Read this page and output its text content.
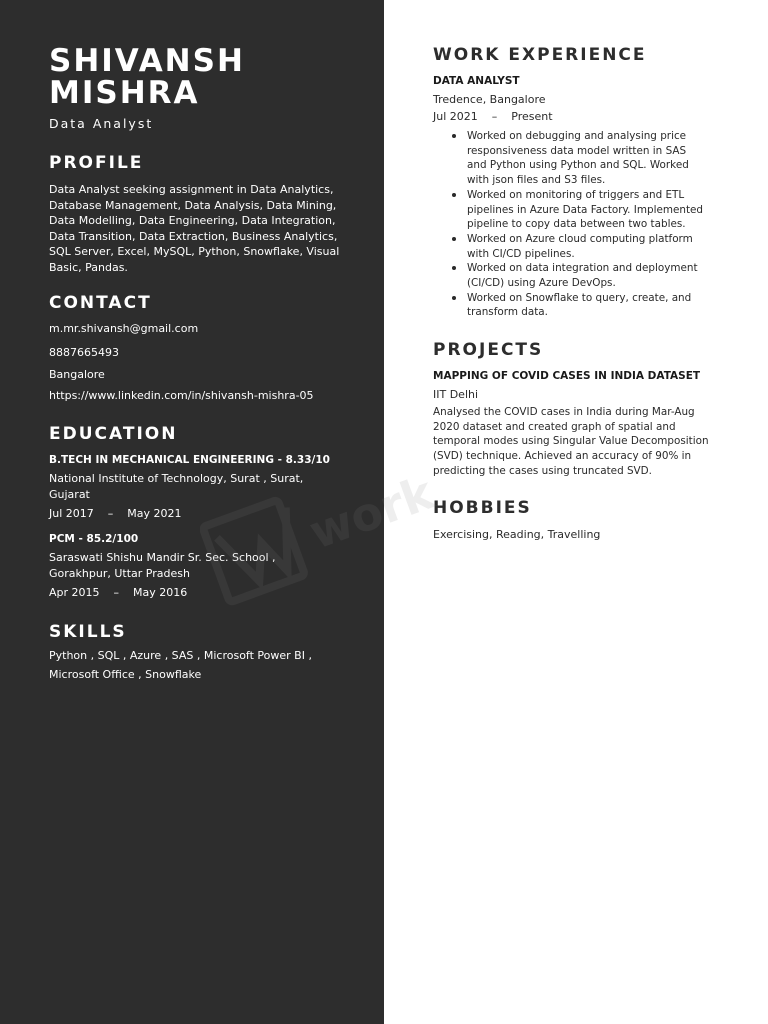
SHIVANSH MISHRA
Data Analyst
PROFILE
Data Analyst seeking assignment in Data Analytics, Database Management, Data Analysis, Data Mining, Data Modelling, Data Engineering, Data Integration, Data Transition, Data Extraction, Business Analytics, SQL Server, Excel, MySQL, Python, Snowflake, Visual Basic, Pandas.
CONTACT
m.mr.shivansh@gmail.com
8887665493
Bangalore
https://www.linkedin.com/in/shivansh-mishra-05
EDUCATION
B.TECH IN MECHANICAL ENGINEERING - 8.33/10
National Institute of Technology, Surat , Surat, Gujarat
Jul 2017 – May 2021
PCM - 85.2/100
Saraswati Shishu Mandir Sr. Sec. School , Gorakhpur, Uttar Pradesh
Apr 2015 – May 2016
SKILLS
Python , SQL , Azure , SAS , Microsoft Power BI , Microsoft Office , Snowflake
WORK EXPERIENCE
DATA ANALYST
Tredence, Bangalore
Jul 2021 – Present
Worked on debugging and analysing price responsiveness data model written in SAS and Python using Python and SQL. Worked with json files and S3 files.
Worked on monitoring of triggers and ETL pipelines in Azure Data Factory. Implemented pipeline to copy data between two tables.
Worked on Azure cloud computing platform with CI/CD pipelines.
Worked on data integration and deployment (CI/CD) using Azure DevOps.
Worked on Snowflake to query, create, and transform data.
PROJECTS
MAPPING OF COVID CASES IN INDIA DATASET
IIT Delhi
Analysed the COVID cases in India during Mar-Aug 2020 dataset and created graph of spatial and temporal modes using Singular Value Decomposition (SVD) technique. Achieved an accuracy of 90% in predicting the cases using truncated SVD.
HOBBIES
Exercising, Reading, Travelling
